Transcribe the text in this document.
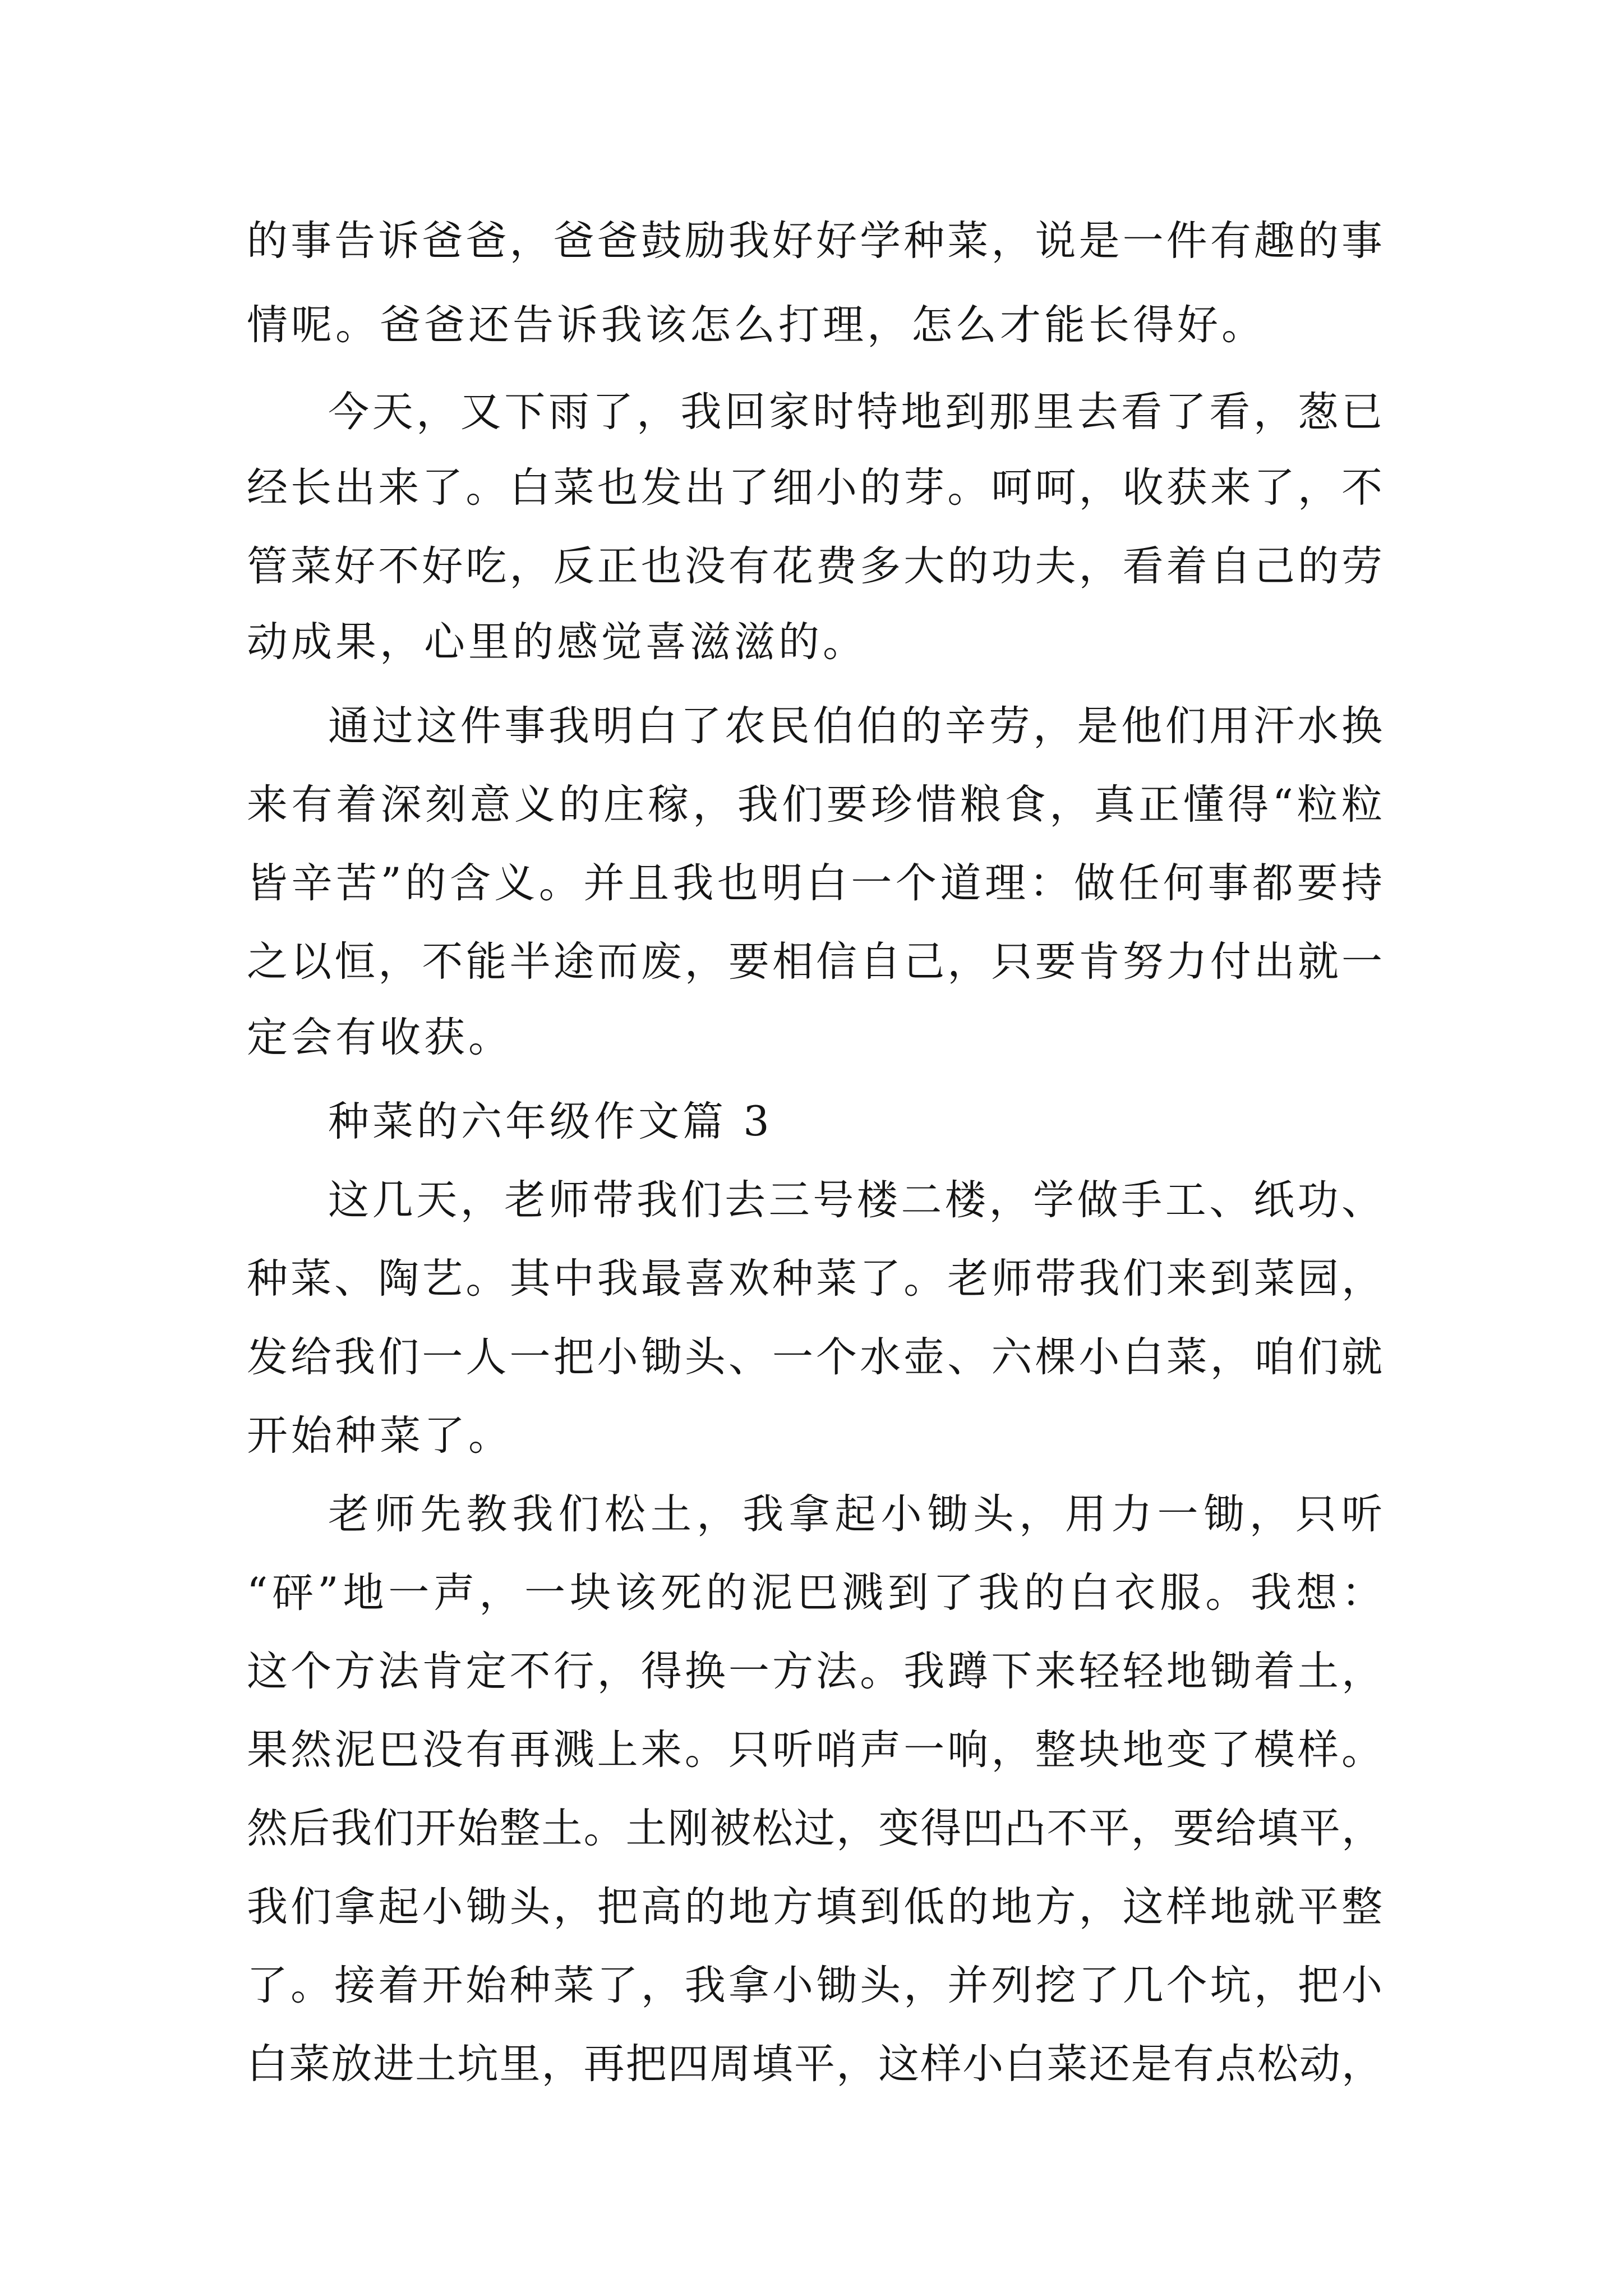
的事告诉爸爸，爸爸鼓励我好好学种菜，说是一件有趣的事
情呢。爸爸还告诉我该怎么打理，怎么才能长得好。
今天，又下雨了，我回家时特地到那里去看了看，葱已
经长出来了。白菜也发出了细小的芽。呵呵，收获来了，不
管菜好不好吃，反正也没有花费多大的功夫，看着自己的劳
动成果，心里的感觉喜滋滋的。
通过这件事我明白了农民伯伯的辛劳，是他们用汗水换
来有着深刻意义的庄稼，我们要珍惜粮食，真正懂得“粒粒
皆辛苦”的含义。并且我也明白一个道理：做任何事都要持
之以恒，不能半途而废，要相信自己，只要肯努力付出就一
定会有收获。
种菜的六年级作文篇 3
这几天，老师带我们去三号楼二楼，学做手工、纸功、
种菜、陶艺。其中我最喜欢种菜了。老师带我们来到菜园，
发给我们一人一把小锄头、一个水壶、六棵小白菜，咱们就
开始种菜了。
老师先教我们松土，我拿起小锄头，用力一锄，只听
“砰”地一声，一块该死的泥巴溅到了我的白衣服。我想：
这个方法肯定不行，得换一方法。我蹲下来轻轻地锄着土，
果然泥巴没有再溅上来。只听哨声一响，整块地变了模样。
然后我们开始整土。土刚被松过，变得凹凸不平，要给填平，
我们拿起小锄头，把高的地方填到低的地方，这样地就平整
了。接着开始种菜了，我拿小锄头，并列挖了几个坑，把小
白菜放进土坑里，再把四周填平，这样小白菜还是有点松动，
